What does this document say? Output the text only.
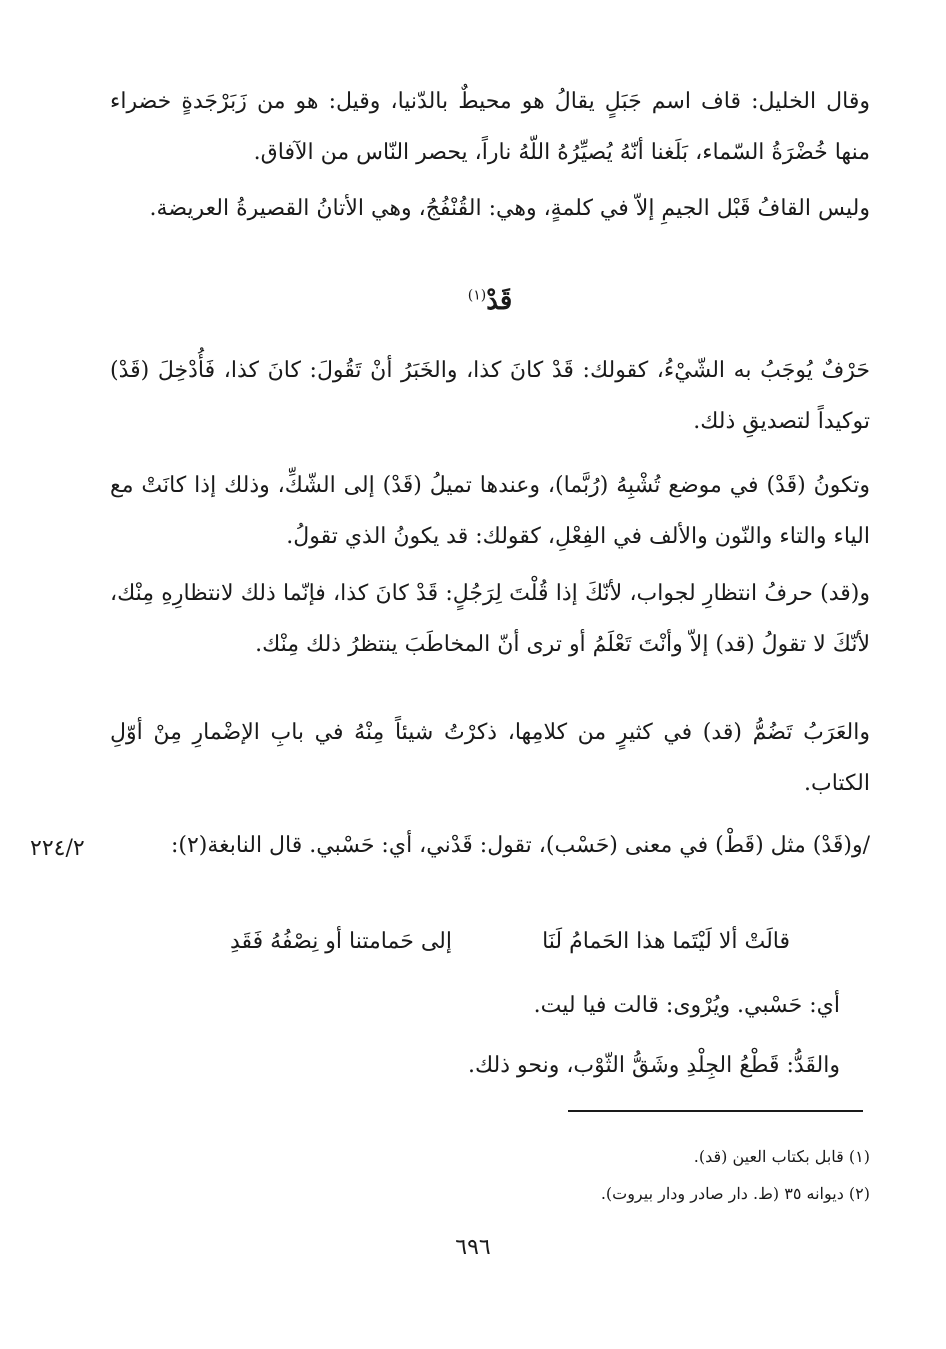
وقال الخليل: قاف اسم جَبَلٍ يقالُ هو محيطٌ بالدّنيا، وقيل: هو من زَبَرْجَدةٍ خضراء منها خُضْرَةُ السّماء، بَلَغنا أنّهُ يُصيِّرُهُ اللّهُ ناراً، يحصر النّاس من الآفاق.

وليس القافُ قَبْل الجيمِ إلاّ في كلمةٍ، وهي: القُنْفُجُ، وهي الأتانُ القصيرةُ العريضة.

قَدْ$^{(١)}$

حَرْفٌ يُوجَبُ به الشّيْءُ، كقولك: قَدْ كانَ كذا، والخَبَرُ أنْ تَقُولَ: كانَ كذا، فَأُدْخِلَ (قَدْ) توكيداً لتصديقِ ذلك.

وتكونُ (قَدْ) في موضع تُشْبِهُ (رُبَّما)، وعندها تميلُ (قَدْ) إلى الشّكِّ، وذلك إذا كانَتْ مع الياء والتاء والنّون والألف في الفِعْلِ، كقولك: قد يكونُ الذي تقولُ.

و(قد) حرفُ انتظارِ لجواب، لأنّكَ إذا قُلْتَ لِرَجُلٍ: قَدْ كانَ كذا، فإنّما ذلك لانتظارِهِ مِنْك، لأنّكَ لا تقولُ (قد) إلاّ وأنْتَ تَعْلَمُ أو ترى أنّ المخاطَبَ ينتظرُ ذلك مِنْك.

والعَرَبُ تَضُمُّ (قد) في كثيرٍ من كلامِها، ذكرْتُ شيئاً مِنْهُ في بابِ الإضْمارِ مِنْ أوّلِ الكتاب.

/و(قَدْ) مثل (قَطْ) في معنى (حَسْب)، تقول: قَدْني، أي: حَسْبي. قال النابغة(٢):

٢٢٤/٢
قالَتْ ألا لَيْتَما هذا الحَمامُ لَنَا
إلى حَمامتنا أو نِصْفُهُ فَقَدِ

أي: حَسْبي. ويُرْوى: قالت فيا ليت.

والقَدُّ: قَطْعُ الجِلْدِ وشَقُّ الثّوْب، ونحو ذلك.

(١) قابل بكتاب العين (قد).
(٢) ديوانه ٣٥ (ط. دار صادر ودار بيروت).
٦٩٦
